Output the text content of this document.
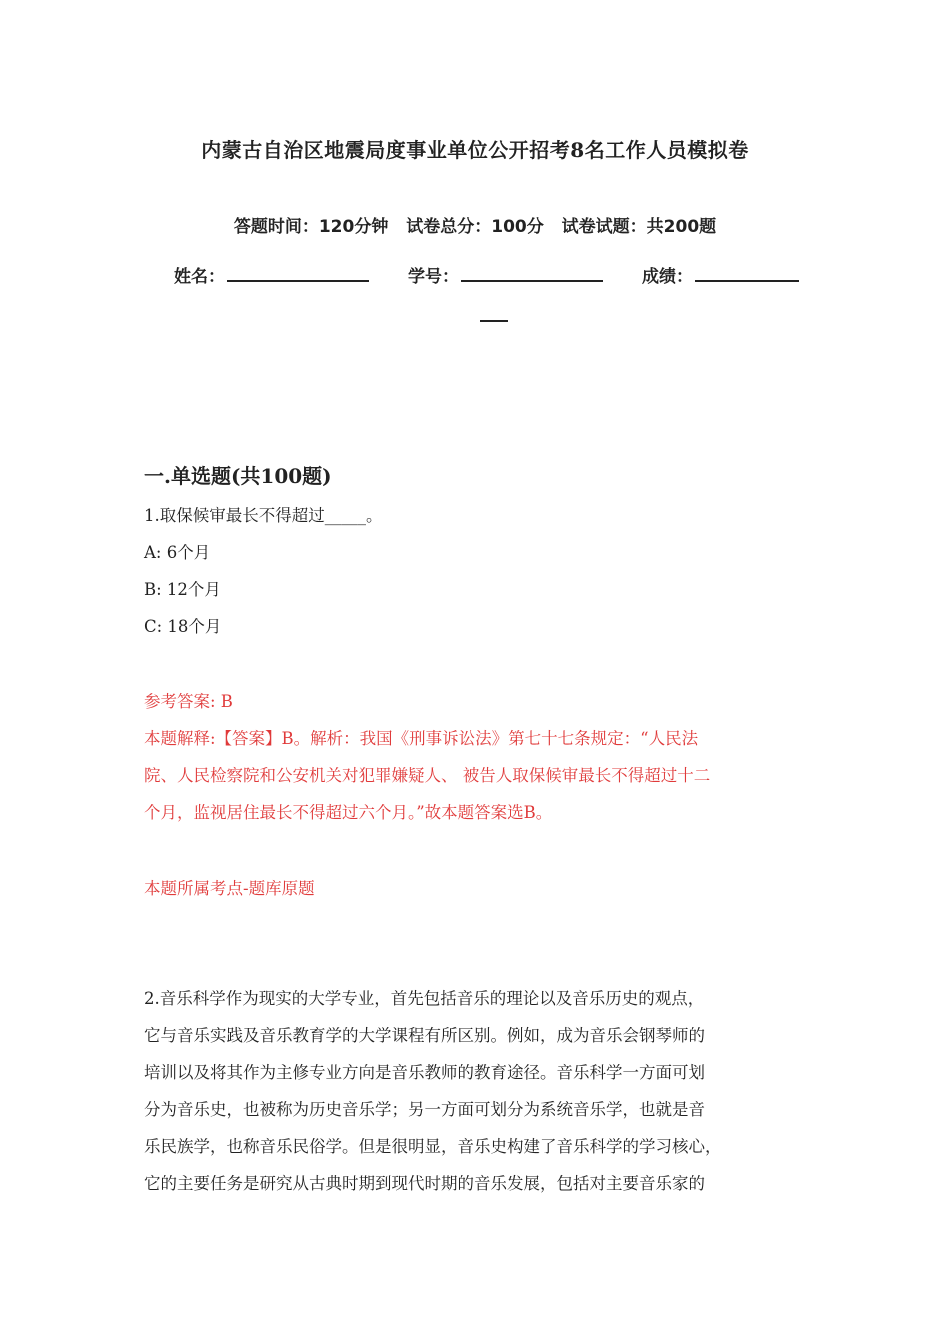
内蒙古自治区地震局度事业单位公开招考8名工作人员模拟卷
答题时间：120分钟 试卷总分：100分 试卷试题：共200题
姓名：	学号：	成绩：
一.单选题(共100题)
1.取保候审最长不得超过_____。
A: 6个月
B: 12个月
C: 18个月
参考答案: B
本题解释:【答案】B。解析：我国《刑事诉讼法》第七十七条规定：“人民法
院、人民检察院和公安机关对犯罪嫌疑人、 被告人取保候审最长不得超过十二
个月，监视居住最长不得超过六个月。”故本题答案选B。
本题所属考点-题库原题
2.音乐科学作为现实的大学专业，首先包括音乐的理论以及音乐历史的观点，
它与音乐实践及音乐教育学的大学课程有所区别。例如，成为音乐会钢琴师的
培训以及将其作为主修专业方向是音乐教师的教育途径。音乐科学一方面可划
分为音乐史，也被称为历史音乐学；另一方面可划分为系统音乐学，也就是音
乐民族学，也称音乐民俗学。但是很明显，音乐史构建了音乐科学的学习核心，
它的主要任务是研究从古典时期到现代时期的音乐发展，包括对主要音乐家的
